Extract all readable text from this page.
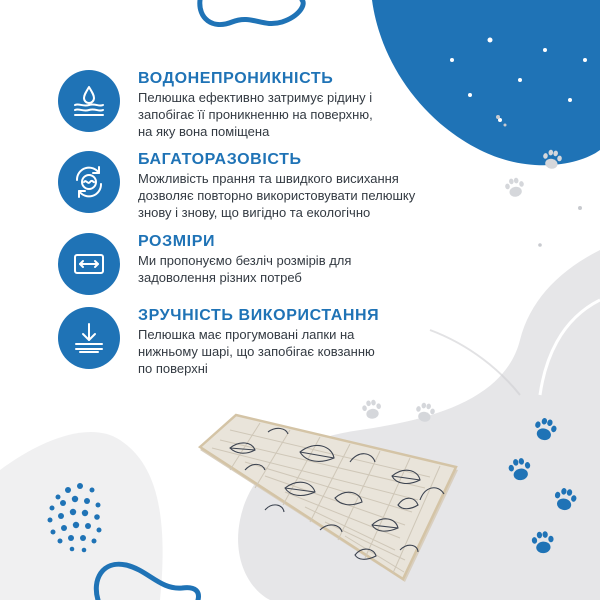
ВОДОНЕПРОНИКНІСТЬ

Пелюшка ефективно затримує рідину і

запобігає її проникненню на поверхню,

на яку вона поміщена

БАГАТОРАЗОВІСТЬ

Можливість прання та швидкого висихання

дозволяє повторно використовувати пелюшку

знову і знову, що вигідно та екологічно

РОЗМІРИ

Ми пропонуємо безліч розмірів для

задоволення різних потреб

ЗРУЧНІСТЬ ВИКОРИСТАННЯ

Пелюшка має прогумовані лапки на

нижньому шарі, що запобігає ковзанню

по поверхні
